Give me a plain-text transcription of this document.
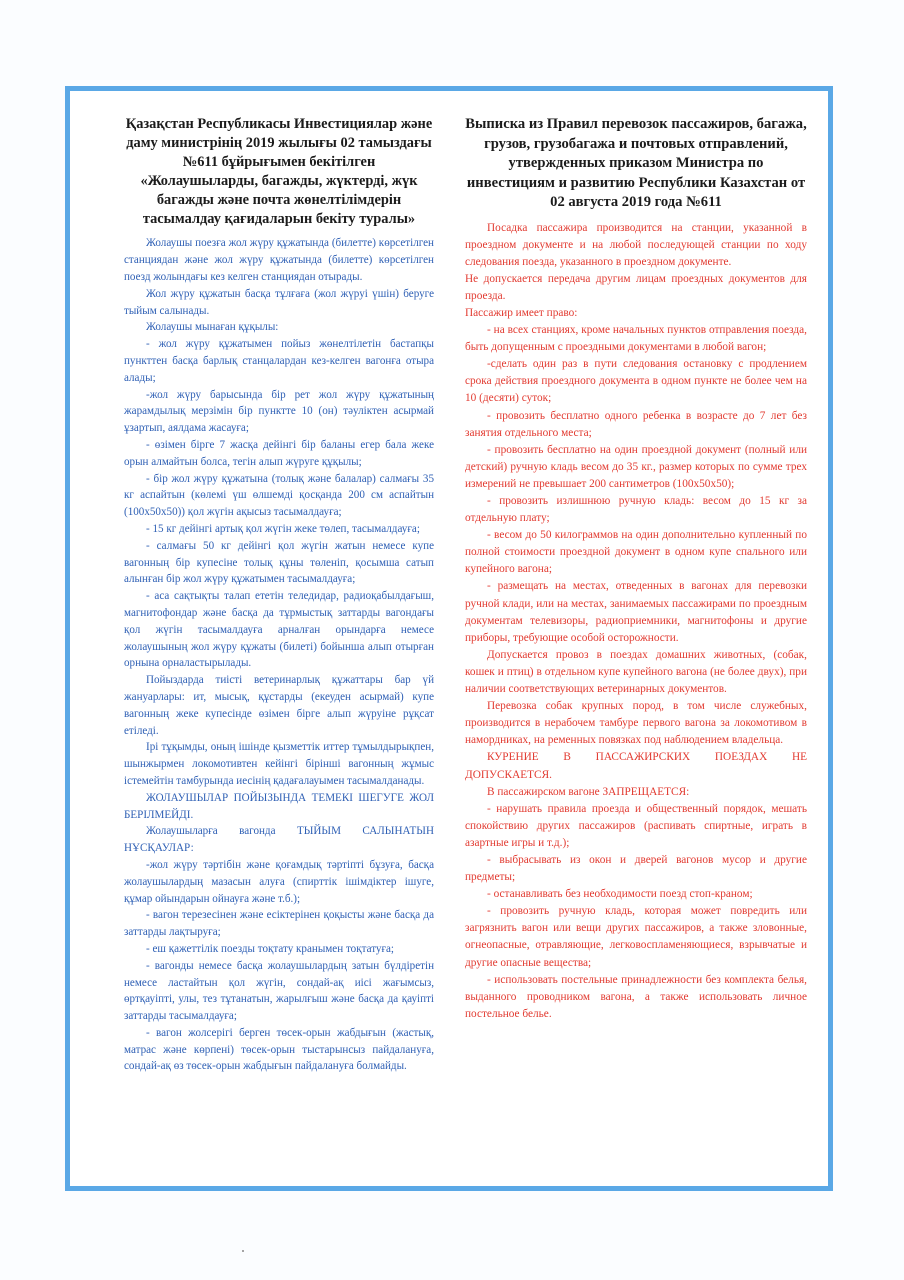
Қазақстан Республикасы Инвестициялар және даму министрінің 2019 жылығы 02 тамыздағы №611 бұйрығымен бекітілген «Жолаушыларды, багажды, жүктерді, жүк багажды және почта жөнелтілімдерін тасымалдау қағидаларын бекіту туралы»

Жолаушы поезға жол жүру құжатында (билетте) көрсетілген станциядан және жол жүру құжатында (билетте) көрсетілген поезд жолындағы кез келген станциядан отырады.

Жол жүру құжатын басқа тұлғаға (жол жүруі үшін) беруге тыйым салынады.

Жолаушы мынаған құқылы:

- жол жүру құжатымен пойыз жөнелтілетін бастапқы пункттен басқа барлық станцалардан кез-келген вагонға отыра алады;

-жол жүру барысында бір рет жол жүру құжатының жарамдылық мерзімін бір пунктте 10 (он) тәуліктен асырмай ұзартып, аялдама жасауға;

- өзімен бірге 7 жасқа дейінгі бір баланы егер бала жеке орын алмайтын болса, тегін алып жүруге құқылы;

- бір жол жүру құжатына (толық және балалар) салмағы 35 кг аспайтын (көлемі үш өлшемді қосқанда 200 см аспайтын (100х50х50)) қол жүгін ақысыз тасымалдауға;

- 15 кг дейінгі артық қол жүгін жеке төлеп, тасымалдауға;

- салмағы 50 кг дейінгі қол жүгін жатын немесе купе вагонның бір купесіне толық құны төленіп, қосымша сатып алынған бір жол жүру құжатымен тасымалдауға;

- аса сақтықты талап ететін теледидар, радиоқабылдағыш, магнитофондар және басқа да тұрмыстық заттарды вагондағы қол жүгін тасымалдауға арналған орындарға немесе жолаушының жол жүру құжаты (билеті) бойынша алып отырған орнына орналастырылады.

Пойыздарда тиісті ветеринарлық құжаттары бар үй жануарлары: ит, мысық, құстарды (екеуден асырмай) купе вагонның жеке купесінде өзімен бірге алып жүруіне рұқсат етіледі.

Ірі тұқымды, оның ішінде қызметтік иттер тұмылдырықпен, шынжырмен локомотивтен кейінгі бірінші вагонның жұмыс істемейтін тамбурында иесінің қадағалауымен тасымалданады.

ЖОЛАУШЫЛАР ПОЙЫЗЫНДА ТЕМЕКІ ШЕГУГЕ ЖОЛ БЕРІЛМЕЙДІ.

Жолаушыларға вагонда ТЫЙЫМ САЛЫНАТЫН НҰСҚАУЛАР:

-жол жүру тәртібін және қоғамдық тәртіпті бұзуға, басқа жолаушылардың мазасын алуға (спирттік ішімдіктер ішуге, құмар ойындарын ойнауға және т.б.);

- вагон терезесінен және есіктерінен қоқысты және басқа да заттарды лақтыруға;

- еш қажеттілік поезды тоқтату кранымен тоқтатуға;

- вагонды немесе басқа жолаушылардың затын бүлдіретін немесе ластайтын қол жүгін, сондай-ақ иісі жағымсыз, өртқауіпті, улы, тез тұтанатын, жарылғыш және басқа да қауіпті заттарды тасымалдауға;

- вагон жолсерігі берген төсек-орын жабдығын (жастық, матрас және көрпені) төсек-орын тыстарынсыз пайдалануға, сондай-ақ өз төсек-орын жабдығын пайдалануға болмайды.

Выписка из Правил перевозок пассажиров, багажа, грузов, грузобагажа и почтовых отправлений, утвержденных приказом Министра по инвестициям и развитию Республики Казахстан от 02 августа 2019 года №611

Посадка пассажира производится на станции, указанной в проездном документе и на любой последующей станции по ходу следования поезда, указанного в проездном документе.

Не допускается передача другим лицам проездных документов для проезда.

Пассажир имеет право:

- на всех станциях, кроме начальных пунктов отправления поезда, быть допущенным с проездными документами в любой вагон;

-сделать один раз в пути следования остановку с продлением срока действия проездного документа в одном пункте не более чем на 10 (десяти) суток;

- провозить бесплатно одного ребенка в возрасте до 7 лет без занятия отдельного места;

- провозить бесплатно на один проездной документ (полный или детский) ручную кладь весом до 35 кг., размер которых по сумме трех измерений не превышает 200 сантиметров (100х50х50);

- провозить излишнюю ручную кладь: весом до 15 кг за отдельную плату;

- весом до 50 килограммов на один дополнительно купленный по полной стоимости проездной документ в одном купе спального или купейного вагона;

- размещать на местах, отведенных в вагонах для перевозки ручной клади, или на местах, занимаемых пассажирами по проездным документам телевизоры, радиоприемники, магнитофоны и другие приборы, требующие особой осторожности.

Допускается провоз в поездах домашних животных, (собак, кошек и птиц) в отдельном купе купейного вагона (не более двух), при наличии соответствующих ветеринарных документов.

Перевозка собак крупных пород, в том числе служебных, производится в нерабочем тамбуре первого вагона за локомотивом в намордниках, на ременных повязках под наблюдением владельца.

КУРЕНИЕ В ПАССАЖИРСКИХ ПОЕЗДАХ НЕ ДОПУСКАЕТСЯ.

В пассажирском вагоне ЗАПРЕЩАЕТСЯ:

- нарушать правила проезда и общественный порядок, мешать спокойствию других пассажиров (распивать спиртные, играть в азартные игры и т.д.);

- выбрасывать из окон и дверей вагонов мусор и другие предметы;

- останавливать без необходимости поезд стоп-краном;

- провозить ручную кладь, которая может повредить или загрязнить вагон или вещи других пассажиров, а также зловонные, огнеопасные, отравляющие, легковоспламеняющиеся, взрывчатые и другие опасные вещества;

- использовать постельные принадлежности без комплекта белья, выданного проводником вагона, а также использовать личное постельное белье.
